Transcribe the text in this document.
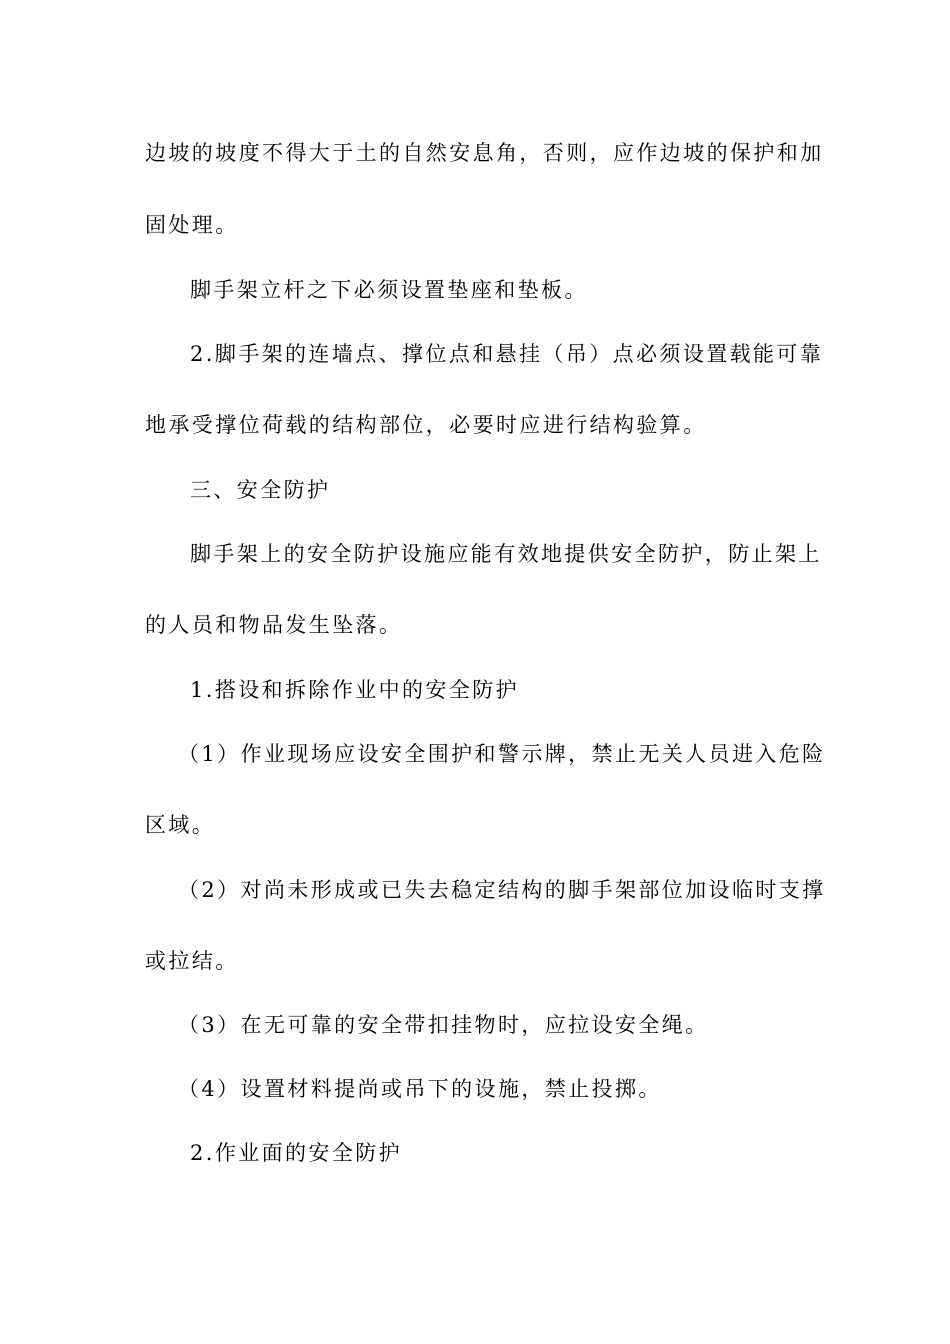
边坡的坡度不得大于土的自然安息角，否则，应作边坡的保护和加
固处理。
脚手架立杆之下必须设置垫座和垫板。
2.脚手架的连墙点、撑位点和悬挂（吊）点必须设置载能可靠
地承受撑位荷载的结构部位，必要时应进行结构验算。
三、安全防护
脚手架上的安全防护设施应能有效地提供安全防护，防止架上
的人员和物品发生坠落。
1.搭设和拆除作业中的安全防护
（1）作业现场应设安全围护和警示牌，禁止无关人员进入危险
区域。
（2）对尚未形成或已失去稳定结构的脚手架部位加设临时支撑
或拉结。
（3）在无可靠的安全带扣挂物时，应拉设安全绳。
（4）设置材料提尚或吊下的设施，禁止投掷。
2.作业面的安全防护
